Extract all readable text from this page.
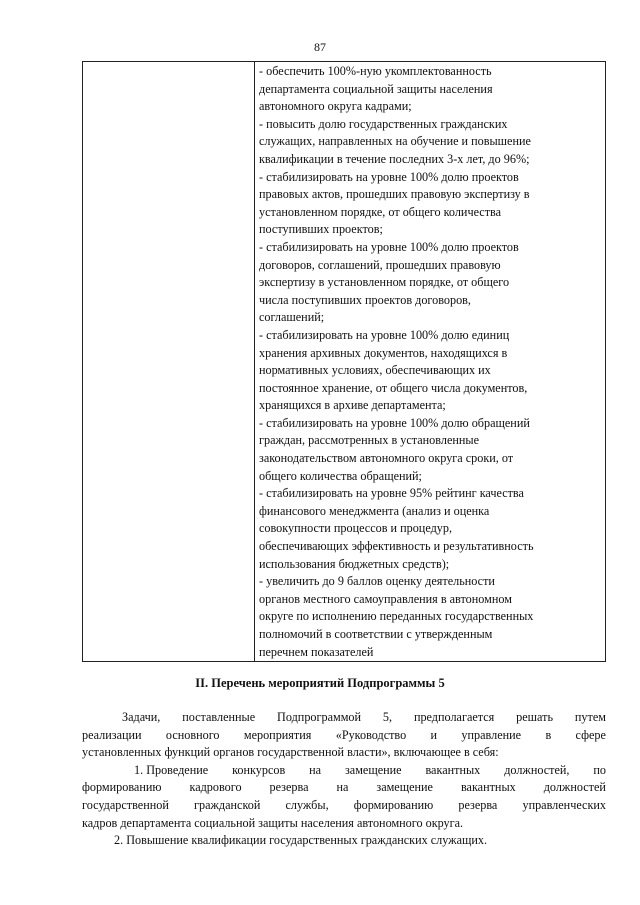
87
- обеспечить 100%-ную укомплектованность
департамента социальной защиты населения
автономного округа кадрами;
- повысить долю государственных гражданских
служащих, направленных на обучение и повышение
квалификации в течение последних 3-х лет, до 96%;
- стабилизировать на уровне 100% долю проектов
правовых актов, прошедших правовую экспертизу в
установленном порядке, от общего количества
поступивших проектов;
- стабилизировать на уровне 100% долю проектов
договоров, соглашений, прошедших правовую
экспертизу в установленном порядке, от общего
числа поступивших проектов договоров,
соглашений;
- стабилизировать на уровне 100% долю единиц
хранения архивных документов, находящихся в
нормативных условиях, обеспечивающих их
постоянное хранение, от общего числа документов,
хранящихся в архиве департамента;
- стабилизировать на уровне 100% долю обращений
граждан, рассмотренных в установленные
законодательством автономного округа сроки, от
общего количества обращений;
- стабилизировать на уровне 95% рейтинг качества
финансового менеджмента (анализ и оценка
совокупности процессов и процедур,
обеспечивающих эффективность и результативность
использования бюджетных средств);
- увеличить до 9 баллов оценку деятельности
органов местного самоуправления в автономном
округе по исполнению переданных государственных
полномочий в соответствии с утвержденным
перечнем показателей
II. Перечень мероприятий Подпрограммы 5
Задачи, поставленные Подпрограммой 5, предполагается решать путем
реализации основного мероприятия «Руководство и управление в сфере
установленных функций органов государственной власти», включающее в себя:
1. Проведение конкурсов на замещение вакантных должностей, по
формированию кадрового резерва на замещение вакантных должностей
государственной гражданской службы, формированию резерва управленческих
кадров департамента социальной защиты населения автономного округа.
2. Повышение квалификации государственных гражданских служащих.
